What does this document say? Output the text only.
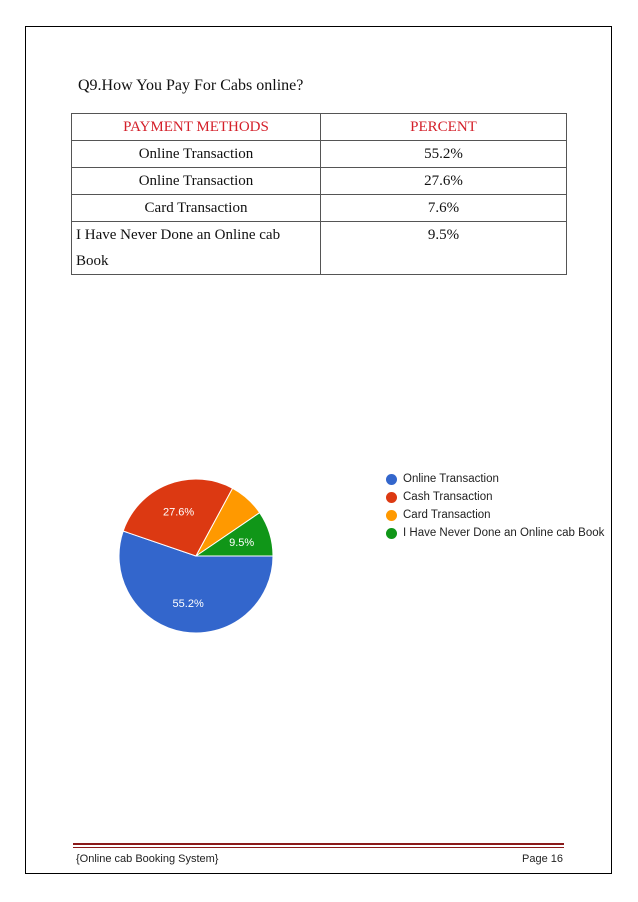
Q9.How You Pay For Cabs online?
PAYMENT METHODS	PERCENT
Online Transaction	55.2%
Online Transaction	27.6%
Card Transaction	7.6%
I Have Never Done an Online cab Book	9.5%
55.2%
27.6%
9.5%
Online Transaction
Cash Transaction
Card Transaction
I Have Never Done an Online cab Book
{Online cab Booking System}	Page 16
